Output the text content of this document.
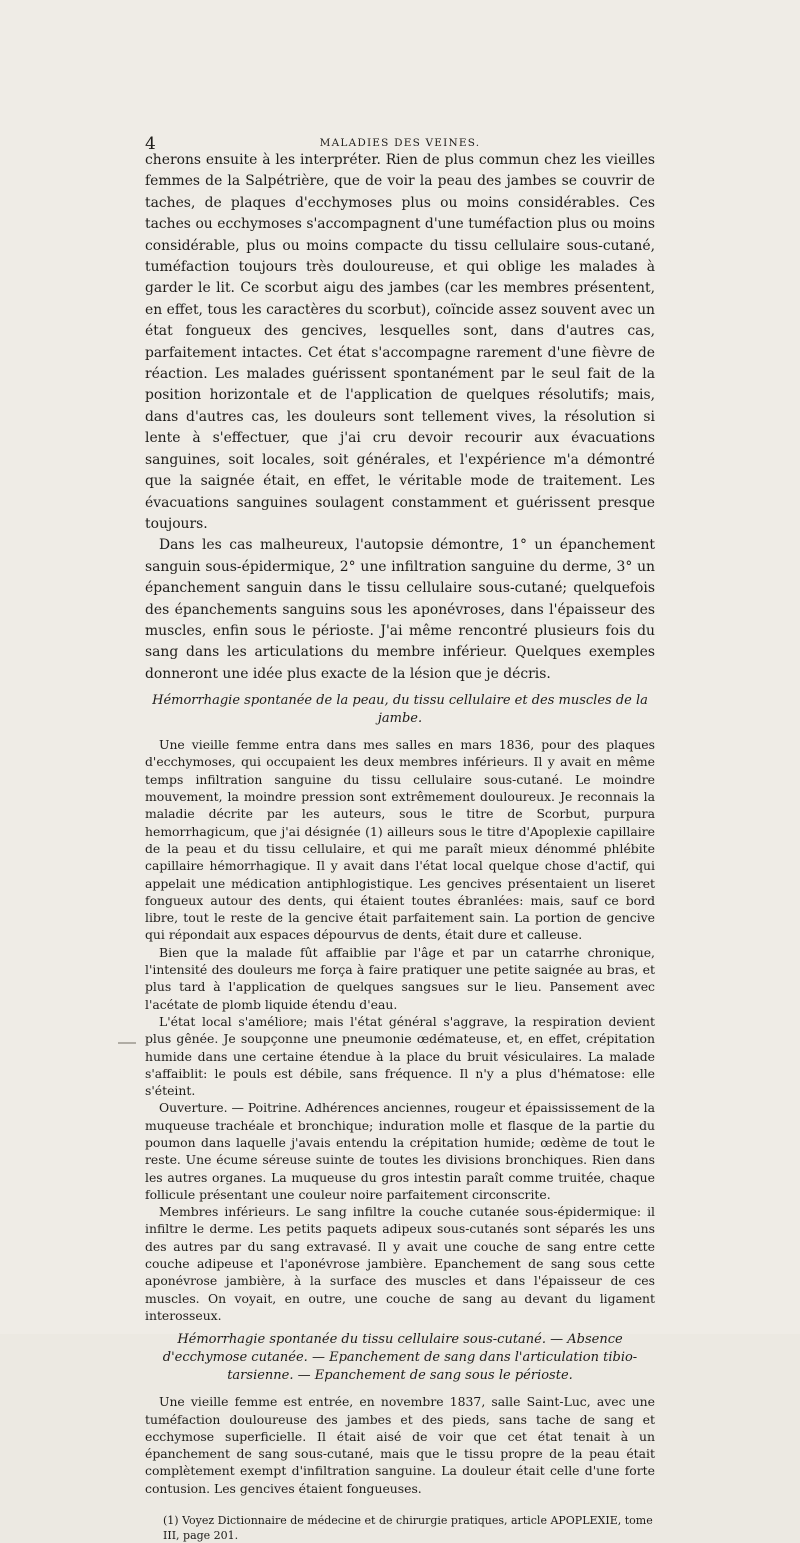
4	MALADIES DES VEINES.

cherons ensuite à les interpréter. Rien de plus commun chez les vieilles femmes de la Salpétrière, que de voir la peau des jambes se couvrir de taches, de plaques d'ecchymoses plus ou moins considérables. Ces taches ou ecchymoses s'accompagnent d'une tuméfaction plus ou moins considérable, plus ou moins compacte du tissu cellulaire sous-cutané, tuméfaction toujours très douloureuse, et qui oblige les malades à garder le lit. Ce scorbut aigu des jambes (car les membres présentent, en effet, tous les caractères du scorbut), coïncide assez souvent avec un état fongueux des gencives, lesquelles sont, dans d'autres cas, parfaitement intactes. Cet état s'accompagne rarement d'une fièvre de réaction. Les malades guérissent spontanément par le seul fait de la position horizontale et de l'application de quelques résolutifs; mais, dans d'autres cas, les douleurs sont tellement vives, la résolution si lente à s'effectuer, que j'ai cru devoir recourir aux évacuations sanguines, soit locales, soit générales, et l'expérience m'a démontré que la saignée était, en effet, le véritable mode de traitement. Les évacuations sanguines soulagent constamment et guérissent presque toujours.

Dans les cas malheureux, l'autopsie démontre, 1° un épanchement sanguin sous-épidermique, 2° une infiltration sanguine du derme, 3° un épanchement sanguin dans le tissu cellulaire sous-cutané; quelquefois des épanchements sanguins sous les aponévroses, dans l'épaisseur des muscles, enfin sous le périoste. J'ai même rencontré plusieurs fois du sang dans les articulations du membre inférieur. Quelques exemples donneront une idée plus exacte de la lésion que je décris.

Hémorrhagie spontanée de la peau, du tissu cellulaire et des muscles de la jambe.

Une vieille femme entra dans mes salles en mars 1836, pour des plaques d'ecchymoses, qui occupaient les deux membres inférieurs. Il y avait en même temps infiltration sanguine du tissu cellulaire sous-cutané. Le moindre mouvement, la moindre pression sont extrêmement douloureux. Je reconnais la maladie décrite par les auteurs, sous le titre de Scorbut, purpura hemorrhagicum, que j'ai désignée (1) ailleurs sous le titre d'Apoplexie capillaire de la peau et du tissu cellulaire, et qui me paraît mieux dénommé phlébite capillaire hémorrhagique. Il y avait dans l'état local quelque chose d'actif, qui appelait une médication antiphlogistique. Les gencives présentaient un liseret fongueux autour des dents, qui étaient toutes ébranlées: mais, sauf ce bord libre, tout le reste de la gencive était parfaitement sain. La portion de gencive qui répondait aux espaces dépourvus de dents, était dure et calleuse.

Bien que la malade fût affaiblie par l'âge et par un catarrhe chronique, l'intensité des douleurs me força à faire pratiquer une petite saignée au bras, et plus tard à l'application de quelques sangsues sur le lieu. Pansement avec l'acétate de plomb liquide étendu d'eau.

L'état local s'améliore; mais l'état général s'aggrave, la respiration devient plus gênée. Je soupçonne une pneumonie œdémateuse, et, en effet, crépitation humide dans une certaine étendue à la place du bruit vésiculaires. La malade s'affaiblit: le pouls est débile, sans fréquence. Il n'y a plus d'hématose: elle s'éteint.

Ouverture. — Poitrine. Adhérences anciennes, rougeur et épaississement de la muqueuse trachéale et bronchique; induration molle et flasque de la partie du poumon dans laquelle j'avais entendu la crépitation humide; œdème de tout le reste. Une écume séreuse suinte de toutes les divisions bronchiques. Rien dans les autres organes. La muqueuse du gros intestin paraît comme truitée, chaque follicule présentant une couleur noire parfaitement circonscrite.

Membres inférieurs. Le sang infiltre la couche cutanée sous-épidermique: il infiltre le derme. Les petits paquets adipeux sous-cutanés sont séparés les uns des autres par du sang extravasé. Il y avait une couche de sang entre cette couche adipeuse et l'aponévrose jambière. Epanchement de sang sous cette aponévrose jambière, à la surface des muscles et dans l'épaisseur de ces muscles. On voyait, en outre, une couche de sang au devant du ligament interosseux.

Hémorrhagie spontanée du tissu cellulaire sous-cutané. — Absence d'ecchymose cutanée. — Epanchement de sang dans l'articulation tibio-tarsienne. — Epanchement de sang sous le périoste.

Une vieille femme est entrée, en novembre 1837, salle Saint-Luc, avec une tuméfaction douloureuse des jambes et des pieds, sans tache de sang et ecchymose superficielle. Il était aisé de voir que cet état tenait à un épanchement de sang sous-cutané, mais que le tissu propre de la peau était complètement exempt d'infiltration sanguine. La douleur était celle d'une forte contusion. Les gencives étaient fongueuses.

(1) Voyez Dictionnaire de médecine et de chirurgie pratiques, article APOPLEXIE, tome III, page 201.
